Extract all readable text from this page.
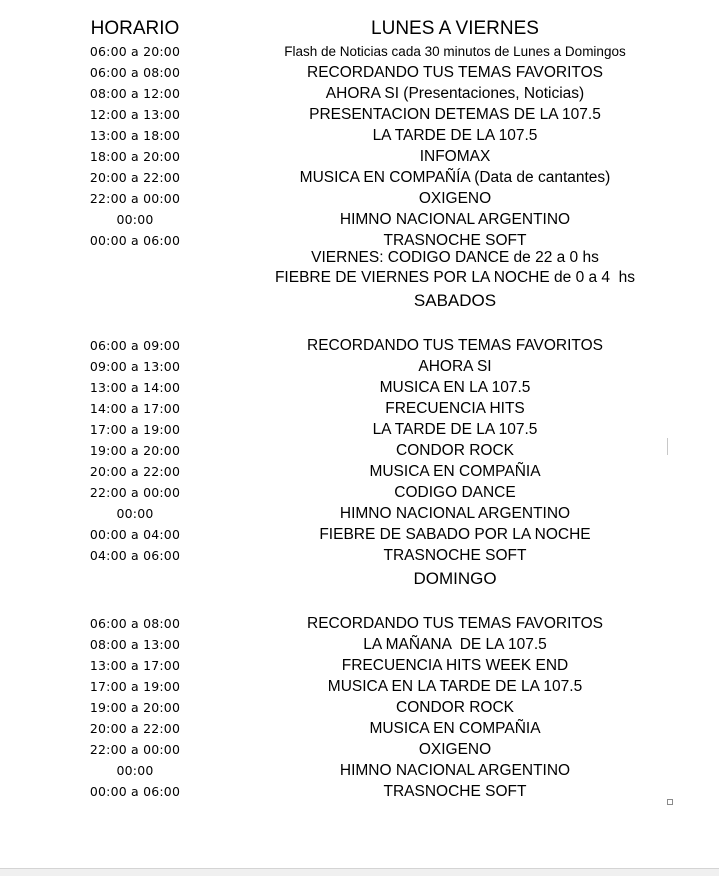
HORARIO	LUNES A VIERNES
06:00 a 20:00	Flash de Noticias cada 30 minutos de Lunes a Domingos
06:00 a 08:00	RECORDANDO TUS TEMAS FAVORITOS
08:00 a 12:00	AHORA SI (Presentaciones, Noticias)
12:00 a 13:00	PRESENTACION DETEMAS DE LA 107.5
13:00 a 18:00	LA TARDE DE LA 107.5
18:00 a 20:00	INFOMAX
20:00 a 22:00	MUSICA EN COMPAÑÍA (Data de cantantes)
22:00 a 00:00	OXIGENO
00:00	HIMNO NACIONAL ARGENTINO
00:00 a 06:00	TRASNOCHE SOFT
VIERNES: CODIGO DANCE de 22 a 0 hs
FIEBRE DE VIERNES POR LA NOCHE de 0 a 4  hs
SABADOS
06:00 a 09:00	RECORDANDO TUS TEMAS FAVORITOS
09:00 a 13:00	AHORA SI
13:00 a 14:00	MUSICA EN LA 107.5
14:00 a 17:00	FRECUENCIA HITS
17:00 a 19:00	LA TARDE DE LA 107.5
19:00 a 20:00	CONDOR ROCK
20:00 a 22:00	MUSICA EN COMPAÑIA
22:00 a 00:00	CODIGO DANCE
00:00	HIMNO NACIONAL ARGENTINO
00:00 a 04:00	FIEBRE DE SABADO POR LA NOCHE
04:00 a 06:00	TRASNOCHE SOFT
DOMINGO
06:00 a 08:00	RECORDANDO TUS TEMAS FAVORITOS
08:00 a 13:00	LA MAÑANA  DE LA 107.5
13:00 a 17:00	FRECUENCIA HITS WEEK END
17:00 a 19:00	MUSICA EN LA TARDE DE LA 107.5
19:00 a 20:00	CONDOR ROCK
20:00 a 22:00	MUSICA EN COMPAÑIA
22:00 a 00:00	OXIGENO
00:00	HIMNO NACIONAL ARGENTINO
00:00 a 06:00	TRASNOCHE SOFT
